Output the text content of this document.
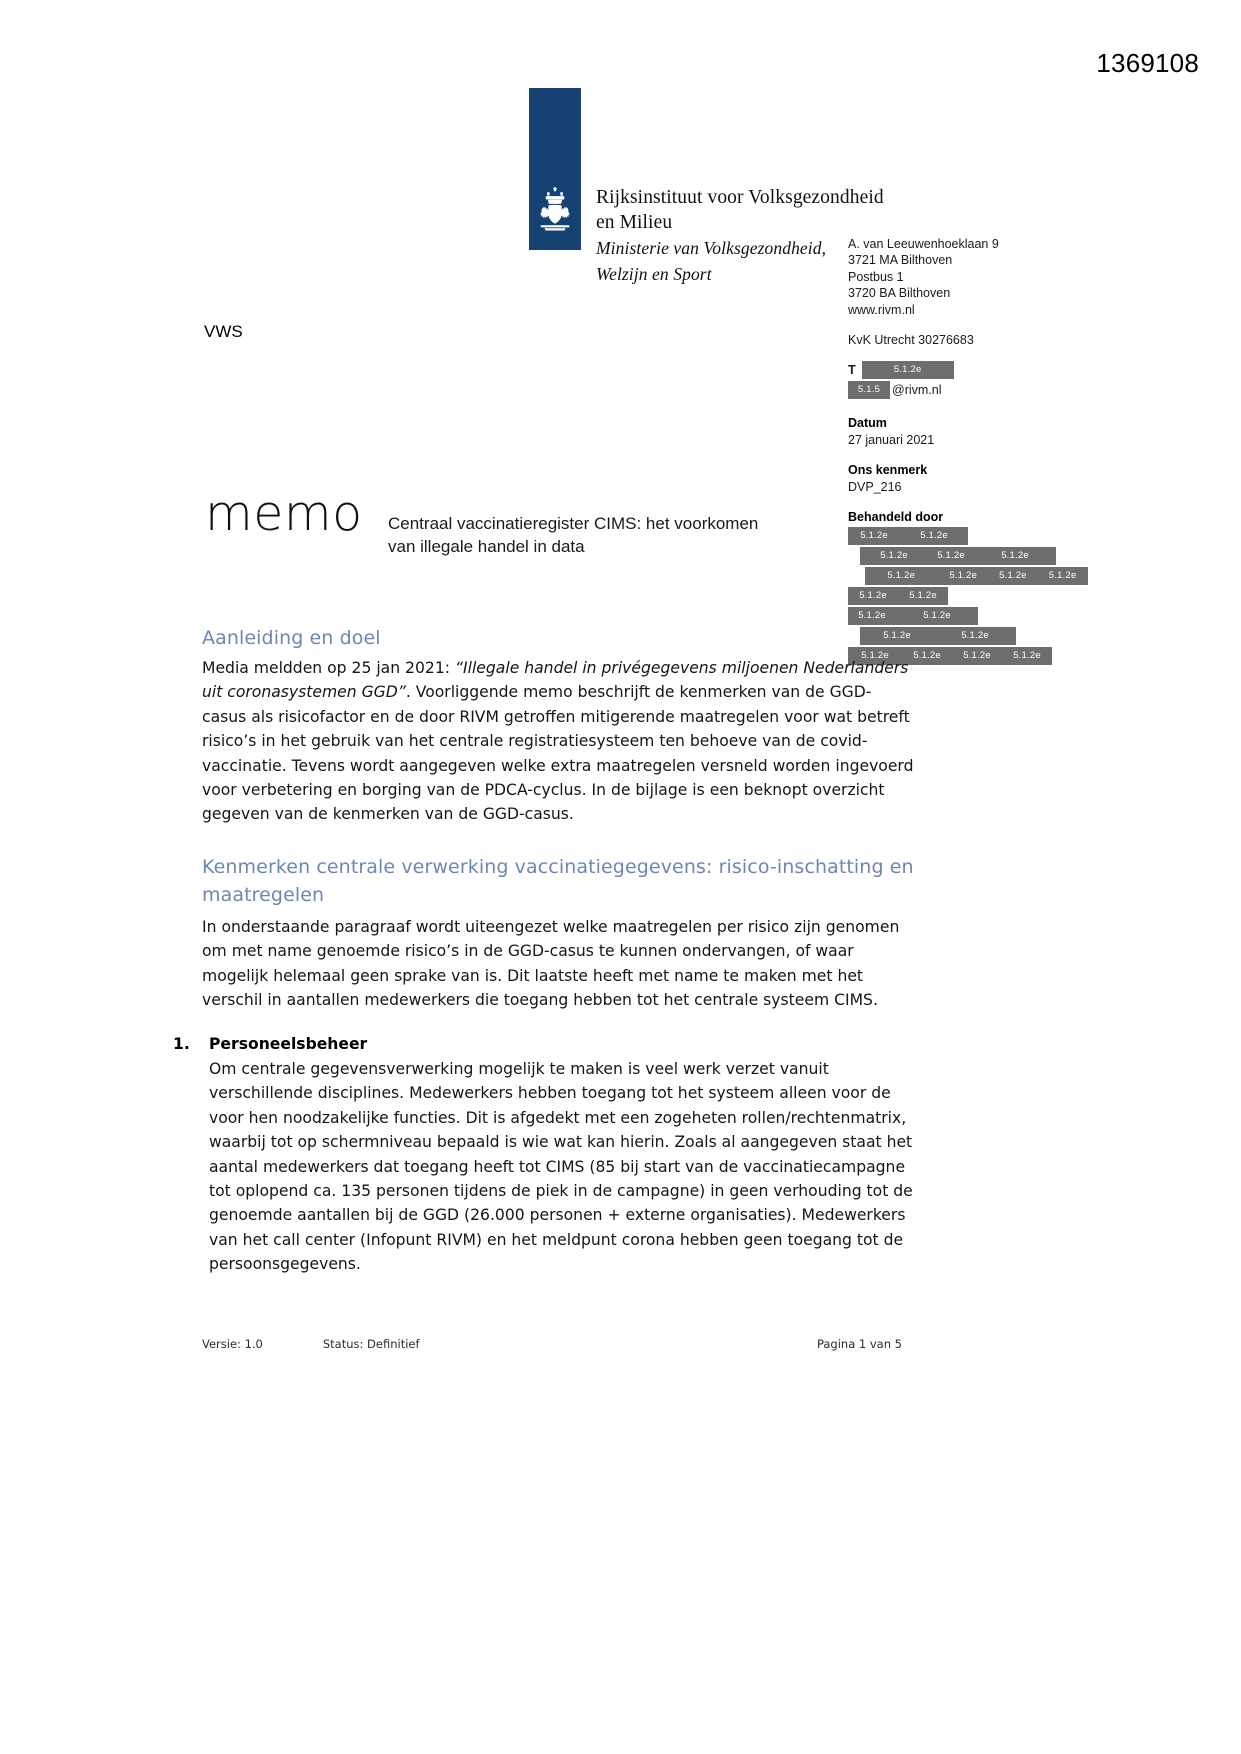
1369108
Rijksinstituut voor Volksgezondheid
en Milieu
Ministerie van Volksgezondheid,
Welzijn en Sport
VWS
A. van Leeuwenhoeklaan 9
3721 MA Bilthoven
Postbus 1
3720 BA Bilthoven
www.rivm.nl
KvK Utrecht 30276683
T	5.1.2e
5.1.5 @rivm.nl
Datum
27 januari 2021
Ons kenmerk
DVP_216
Behandeld door
5.1.2e	5.1.2e
5.1.2e	5.1.2e	5.1.2e
5.1.2e	5.1.2e	5.1.2e	5.1.2e
5.1.2e	5.1.2e
5.1.2e	5.1.2e
5.1.2e	5.1.2e
5.1.2e	5.1.2e	5.1.2e	5.1.2e
memo Centraal vaccinatieregister CIMS: het voorkomen
van illegale handel in data
Aanleiding en doel

Media meldden op 25 jan 2021: “Illegale handel in privégegevens miljoenen Nederlanders uit coronasystemen GGD”. Voorliggende memo beschrijft de kenmerken van de GGD-casus als risicofactor en de door RIVM getroffen mitigerende maatregelen voor wat betreft risico’s in het gebruik van het centrale registratiesysteem ten behoeve van de covid-vaccinatie. Tevens wordt aangegeven welke extra maatregelen versneld worden ingevoerd voor verbetering en borging van de PDCA-cyclus. In de bijlage is een beknopt overzicht gegeven van de kenmerken van de GGD-casus.

Kenmerken centrale verwerking vaccinatiegegevens: risico-inschatting en maatregelen

In onderstaande paragraaf wordt uiteengezet welke maatregelen per risico zijn genomen om met name genoemde risico’s in de GGD-casus te kunnen ondervangen, of waar mogelijk helemaal geen sprake van is. Dit laatste heeft met name te maken met het verschil in aantallen medewerkers die toegang hebben tot het centrale systeem CIMS.

1.	Personeelsbeheer

Om centrale gegevensverwerking mogelijk te maken is veel werk verzet vanuit verschillende disciplines. Medewerkers hebben toegang tot het systeem alleen voor de voor hen noodzakelijke functies. Dit is afgedekt met een zogeheten rollen/rechtenmatrix, waarbij tot op schermniveau bepaald is wie wat kan hierin. Zoals al aangegeven staat het aantal medewerkers dat toegang heeft tot CIMS (85 bij start van de vaccinatiecampagne tot oplopend ca. 135 personen tijdens de piek in de campagne) in geen verhouding tot de genoemde aantallen bij de GGD (26.000 personen + externe organisaties). Medewerkers van het call center (Infopunt RIVM) en het meldpunt corona hebben geen toegang tot de persoonsgegevens.

Versie: 1.0	Status: Definitief	Pagina 1 van 5
